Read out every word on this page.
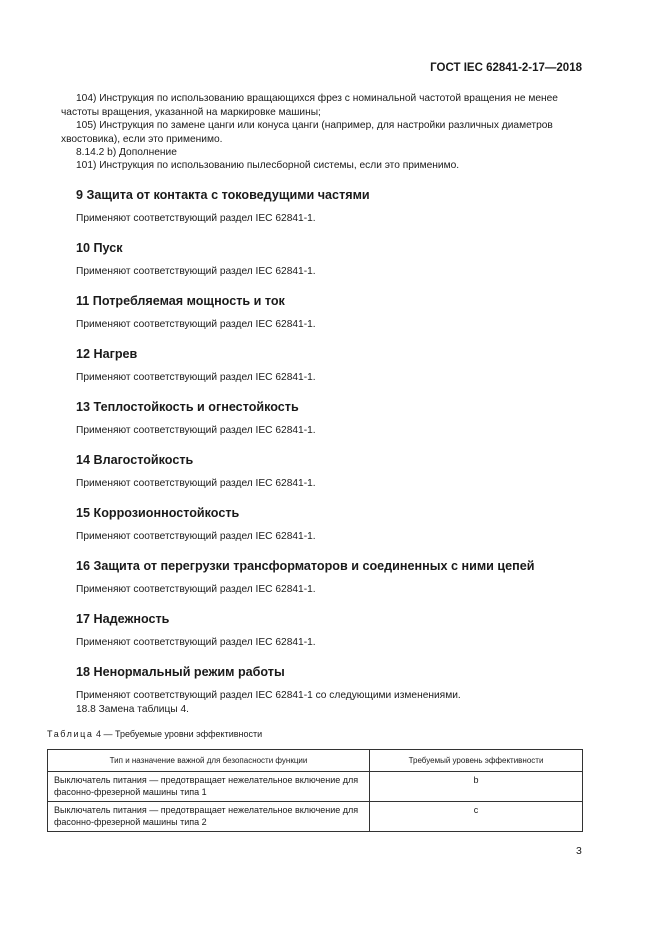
ГОСТ IEC 62841-2-17—2018
104) Инструкция по использованию вращающихся фрез с номинальной частотой вращения не менее частоты вращения, указанной на маркировке машины;
105) Инструкция по замене цанги или конуса цанги (например, для настройки различных диаметров хвостовика), если это применимо.
8.14.2 b) Дополнение
101) Инструкция по использованию пылесборной системы, если это применимо.
9 Защита от контакта с токоведущими частями
Применяют соответствующий раздел IEC 62841-1.
10 Пуск
Применяют соответствующий раздел IEC 62841-1.
11 Потребляемая мощность и ток
Применяют соответствующий раздел IEC 62841-1.
12 Нагрев
Применяют соответствующий раздел IEC 62841-1.
13 Теплостойкость и огнестойкость
Применяют соответствующий раздел IEC 62841-1.
14 Влагостойкость
Применяют соответствующий раздел IEC 62841-1.
15 Коррозионностойкость
Применяют соответствующий раздел IEC 62841-1.
16 Защита от перегрузки трансформаторов и соединенных с ними цепей
Применяют соответствующий раздел IEC 62841-1.
17 Надежность
Применяют соответствующий раздел IEC 62841-1.
18 Ненормальный режим работы
Применяют соответствующий раздел IEC 62841-1 со следующими изменениями.
18.8 Замена таблицы 4.
Таблица 4 — Требуемые уровни эффективности
Тип и назначение важной для безопасности функции	Требуемый уровень эффективности
Выключатель питания — предотвращает нежелательное включение для фасонно-фрезерной машины типа 1	b
Выключатель питания — предотвращает нежелательное включение для фасонно-фрезерной машины типа 2	c
3
